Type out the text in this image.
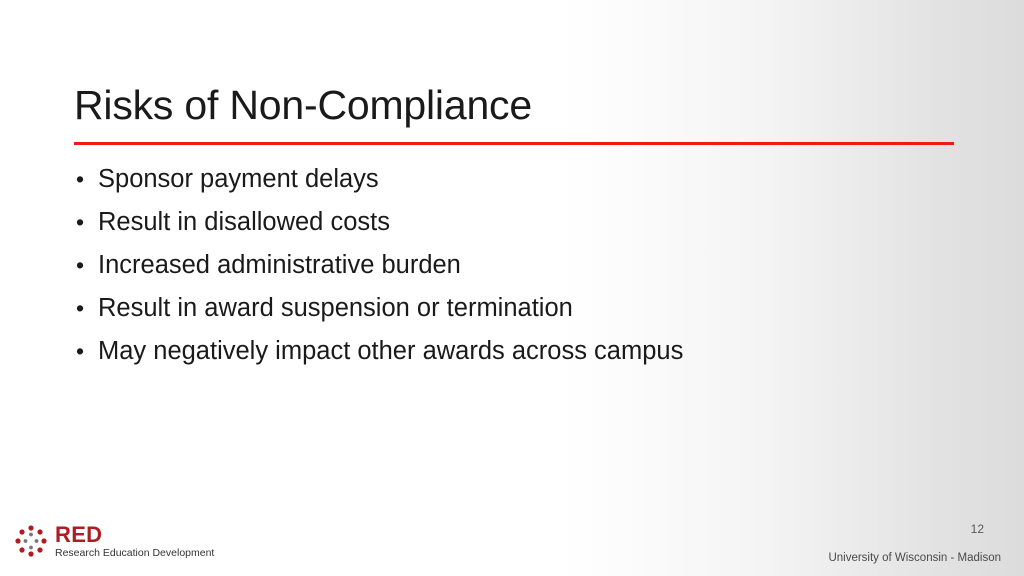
Risks of Non-Compliance
• Sponsor payment delays
• Result in disallowed costs
• Increased administrative burden
• Result in award suspension or termination
• May negatively impact other awards across campus
RED
Research Education Development
12
University of Wisconsin - Madison
